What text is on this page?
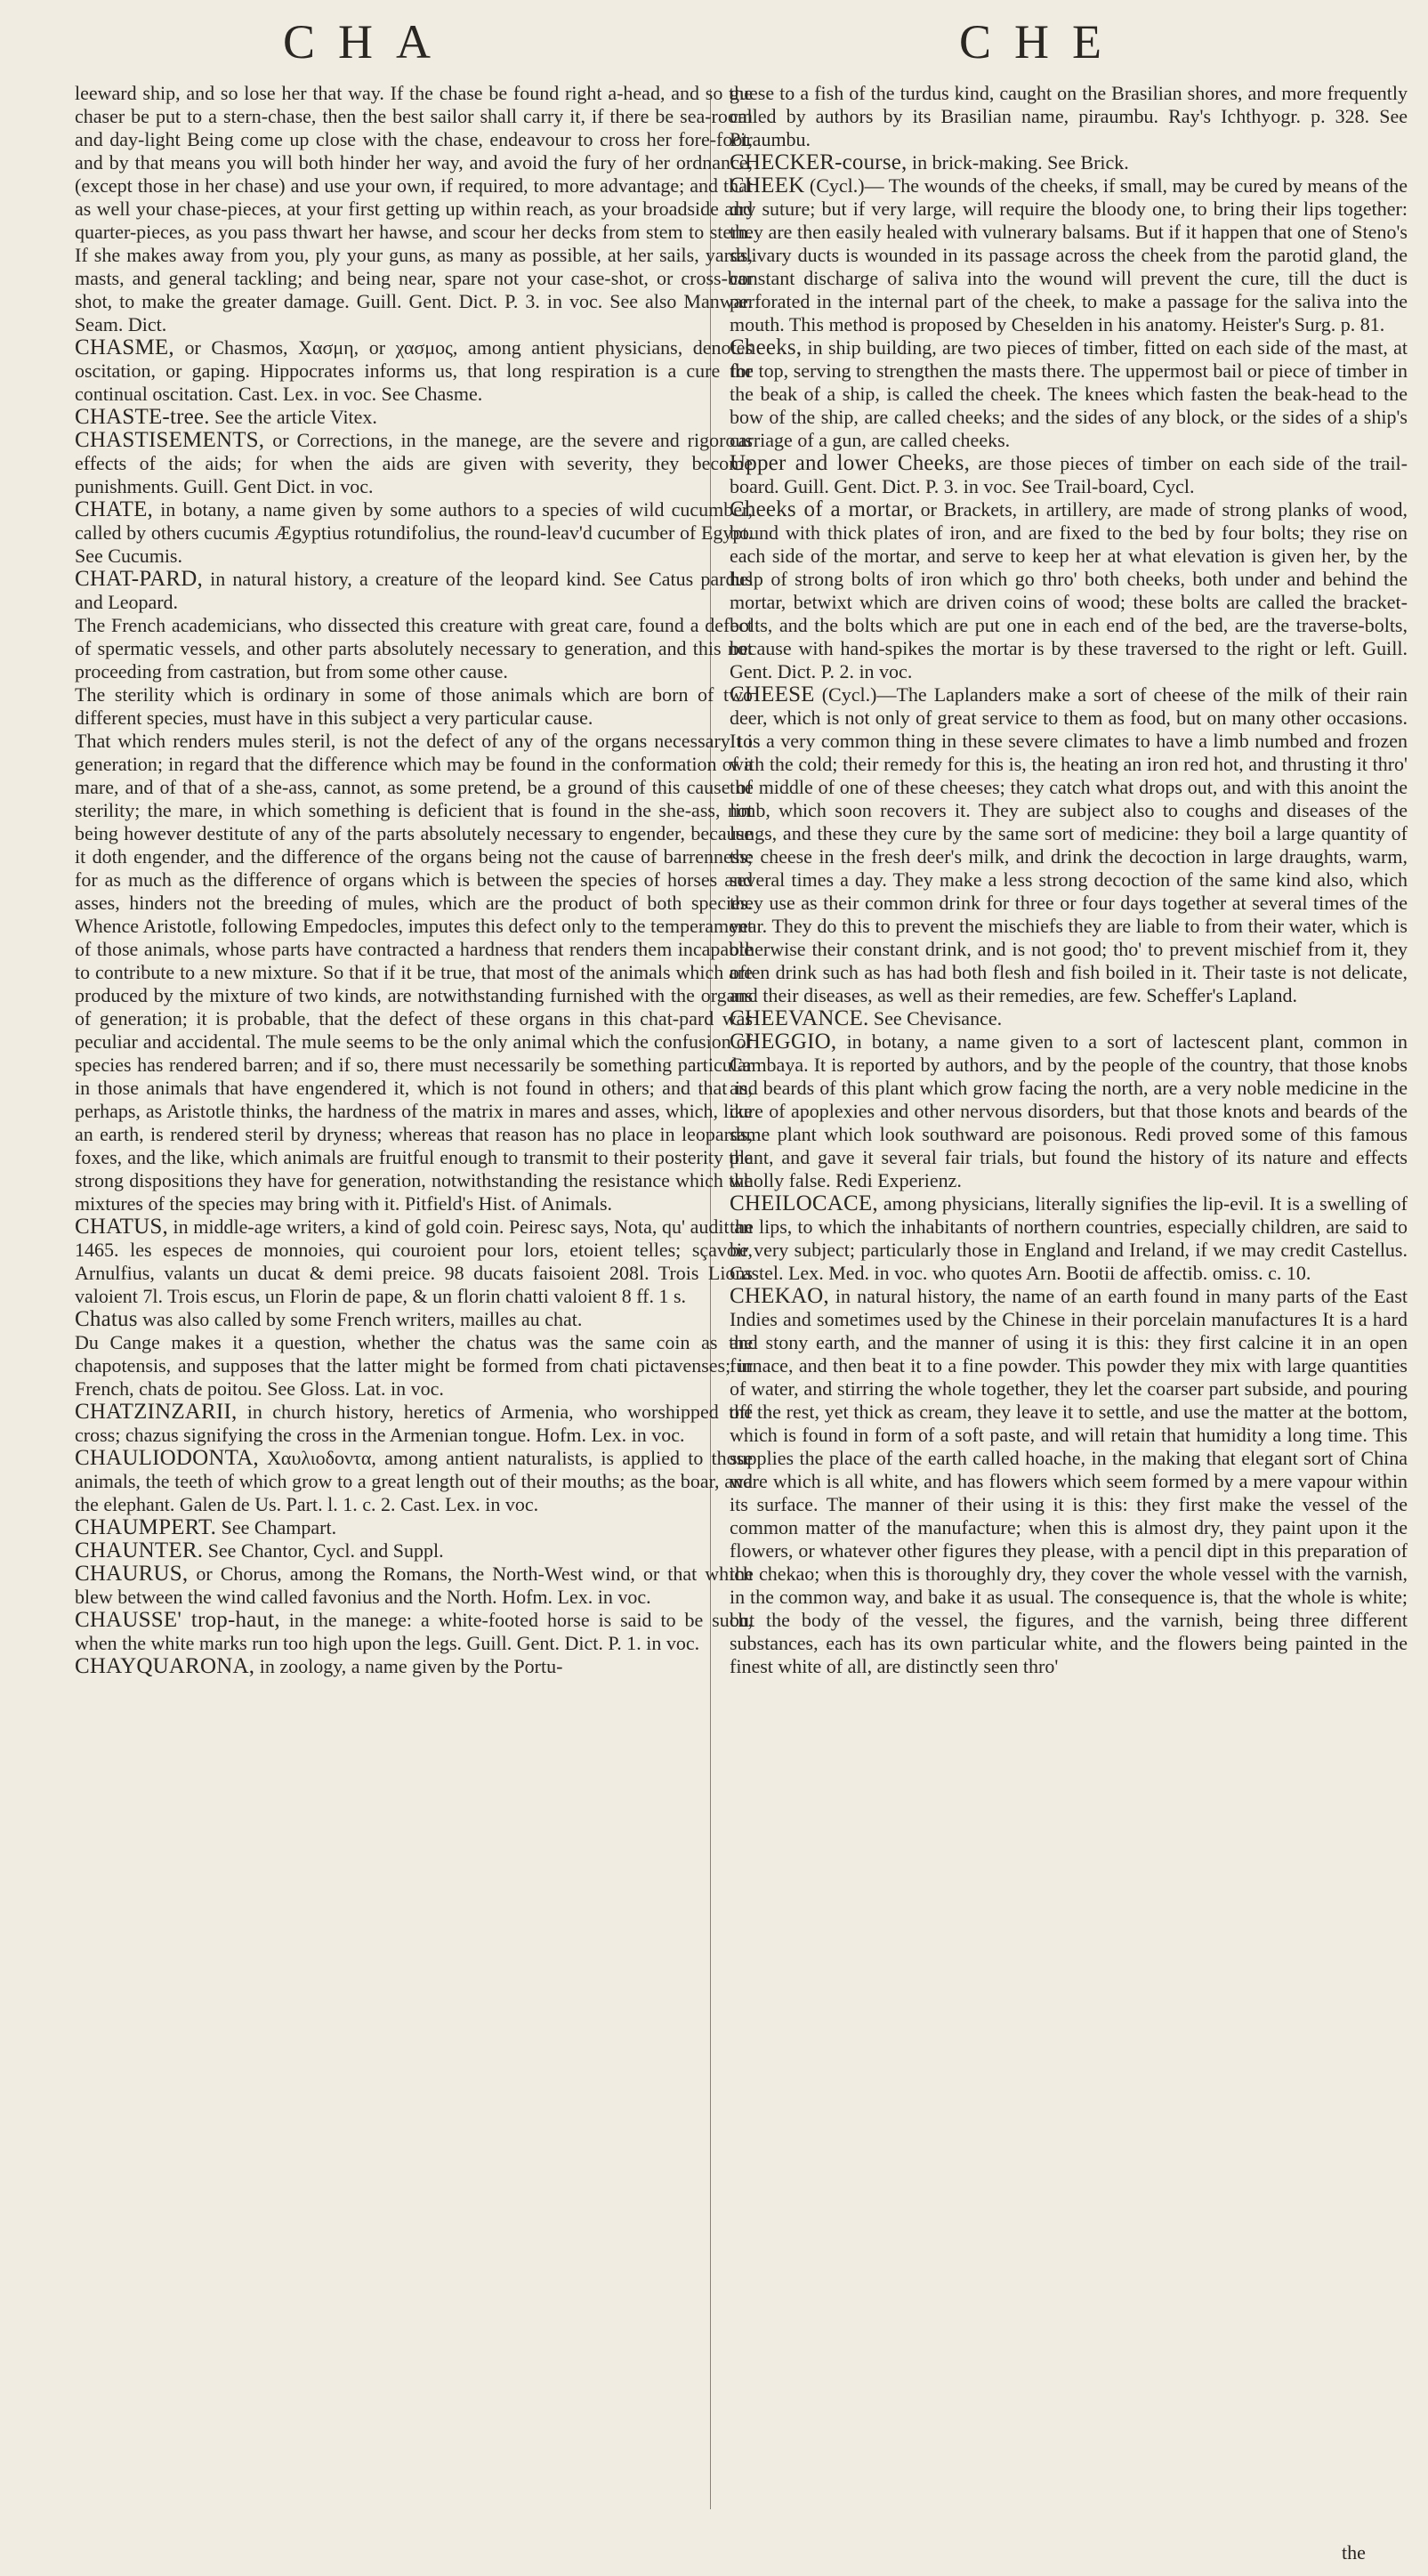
CHA	CHE

leeward ship, and so lose her that way. If the chase be found right a-head, and so the chaser be put to a stern-chase, then the best sailor shall carry it, if there be sea-room and day-light Being come up close with the chase, endeavour to cross her fore-foot, and by that means you will both hinder her way, and avoid the fury of her ordnance, (except those in her chase) and use your own, if required, to more advantage; and that as well your chase-pieces, at your first getting up within reach, as your broadside and quarter-pieces, as you pass thwart her hawse, and scour her decks from stem to stern. If she makes away from you, ply your guns, as many as possible, at her sails, yards, masts, and general tackling; and being near, spare not your case-shot, or cross-bar shot, to make the greater damage. Guill. Gent. Dict. P. 3. in voc. See also Manwar. Seam. Dict.

CHASME, or Chasmos, Χασμη, or χασμος, among antient physicians, denotes oscitation, or gaping. Hippocrates informs us, that long respiration is a cure for continual oscitation. Cast. Lex. in voc. See Chasme.

CHASTE-tree. See the article Vitex.

CHASTISEMENTS, or Corrections, in the manege, are the severe and rigorous effects of the aids; for when the aids are given with severity, they become punishments. Guill. Gent Dict. in voc.

CHATE, in botany, a name given by some authors to a species of wild cucumber, called by others cucumis Ægyptius rotundifolius, the round-leav'd cucumber of Egypt. See Cucumis.

CHAT-PARD, in natural history, a creature of the leopard kind. See Catus pardus and Leopard.
The French academicians, who dissected this creature with great care, found a defect of spermatic vessels, and other parts absolutely necessary to generation, and this not proceeding from castration, but from some other cause.
The sterility which is ordinary in some of those animals which are born of two different species, must have in this subject a very particular cause.
That which renders mules steril, is not the defect of any of the organs necessary to generation; in regard that the difference which may be found in the conformation of a mare, and of that of a she-ass, cannot, as some pretend, be a ground of this cause of sterility; the mare, in which something is deficient that is found in the she-ass, not being however destitute of any of the parts absolutely necessary to engender, because it doth engender, and the difference of the organs being not the cause of barrenness; for as much as the difference of organs which is between the species of horses and asses, hinders not the breeding of mules, which are the product of both species. Whence Aristotle, following Empedocles, imputes this defect only to the temperament of those animals, whose parts have contracted a hardness that renders them incapable to contribute to a new mixture. So that if it be true, that most of the animals which are produced by the mixture of two kinds, are notwithstanding furnished with the organs of generation; it is probable, that the defect of these organs in this chat-pard was peculiar and accidental. The mule seems to be the only animal which the confusion of species has rendered barren; and if so, there must necessarily be something particular in those animals that have engendered it, which is not found in others; and that is, perhaps, as Aristotle thinks, the hardness of the matrix in mares and asses, which, like an earth, is rendered steril by dryness; whereas that reason has no place in leopards, foxes, and the like, which animals are fruitful enough to transmit to their posterity the strong dispositions they have for generation, notwithstanding the resistance which the mixtures of the species may bring with it. Pitfield's Hist. of Animals.

CHATUS, in middle-age writers, a kind of gold coin. Peiresc says, Nota, qu' audit an 1465. les especes de monnoies, qui couroient pour lors, etoient telles; sçavoir, Arnulfius, valants un ducat & demi preice. 98 ducats faisoient 208l. Trois Lions valoient 7l. Trois escus, un Florin de pape, & un florin chatti valoient 8 ff. 1 s.

Chatus was also called by some French writers, mailles au chat.
Du Cange makes it a question, whether the chatus was the same coin as the chapotensis, and supposes that the latter might be formed from chati pictavenses; in French, chats de poitou. See Gloss. Lat. in voc.

CHATZINZARII, in church history, heretics of Armenia, who worshipped the cross; chazus signifying the cross in the Armenian tongue. Hofm. Lex. in voc.

CHAULIODONTA, Χαυλιοδοντα, among antient naturalists, is applied to those animals, the teeth of which grow to a great length out of their mouths; as the boar, and the elephant. Galen de Us. Part. l. 1. c. 2. Cast. Lex. in voc.

CHAUMPERT. See Champart.

CHAUNTER. See Chantor, Cycl. and Suppl.

CHAURUS, or Chorus, among the Romans, the North-West wind, or that which blew between the wind called favonius and the North. Hofm. Lex. in voc.

CHAUSSE' trop-haut, in the manege: a white-footed horse is said to be such, when the white marks run too high upon the legs. Guill. Gent. Dict. P. 1. in voc.

CHAYQUARONA, in zoology, a name given by the Portu-

guese to a fish of the turdus kind, caught on the Brasilian shores, and more frequently called by authors by its Brasilian name, piraumbu. Ray's Ichthyogr. p. 328. See Piraumbu.

CHECKER-course, in brick-making. See Brick.

CHEEK (Cycl.)— The wounds of the cheeks, if small, may be cured by means of the dry suture; but if very large, will require the bloody one, to bring their lips together: they are then easily healed with vulnerary balsams. But if it happen that one of Steno's salivary ducts is wounded in its passage across the cheek from the parotid gland, the constant discharge of saliva into the wound will prevent the cure, till the duct is perforated in the internal part of the cheek, to make a passage for the saliva into the mouth. This method is proposed by Cheselden in his anatomy. Heister's Surg. p. 81.

Cheeks, in ship building, are two pieces of timber, fitted on each side of the mast, at the top, serving to strengthen the masts there. The uppermost bail or piece of timber in the beak of a ship, is called the cheek. The knees which fasten the beak-head to the bow of the ship, are called cheeks; and the sides of any block, or the sides of a ship's carriage of a gun, are called cheeks.

Upper and lower Cheeks, are those pieces of timber on each side of the trail-board. Guill. Gent. Dict. P. 3. in voc. See Trail-board, Cycl.

Cheeks of a mortar, or Brackets, in artillery, are made of strong planks of wood, bound with thick plates of iron, and are fixed to the bed by four bolts; they rise on each side of the mortar, and serve to keep her at what elevation is given her, by the help of strong bolts of iron which go thro' both cheeks, both under and behind the mortar, betwixt which are driven coins of wood; these bolts are called the bracket-bolts, and the bolts which are put one in each end of the bed, are the traverse-bolts, because with hand-spikes the mortar is by these traversed to the right or left. Guill. Gent. Dict. P. 2. in voc.

CHEESE (Cycl.)—The Laplanders make a sort of cheese of the milk of their rain deer, which is not only of great service to them as food, but on many other occasions. It is a very common thing in these severe climates to have a limb numbed and frozen with the cold; their remedy for this is, the heating an iron red hot, and thrusting it thro' the middle of one of these cheeses; they catch what drops out, and with this anoint the limb, which soon recovers it. They are subject also to coughs and diseases of the lungs, and these they cure by the same sort of medicine: they boil a large quantity of the cheese in the fresh deer's milk, and drink the decoction in large draughts, warm, several times a day. They make a less strong decoction of the same kind also, which they use as their common drink for three or four days together at several times of the year. They do this to prevent the mischiefs they are liable to from their water, which is otherwise their constant drink, and is not good; tho' to prevent mischief from it, they often drink such as has had both flesh and fish boiled in it. Their taste is not delicate, and their diseases, as well as their remedies, are few. Scheffer's Lapland.

CHEEVANCE. See Chevisance.

CHEGGIO, in botany, a name given to a sort of lactescent plant, common in Cambaya. It is reported by authors, and by the people of the country, that those knobs and beards of this plant which grow facing the north, are a very noble medicine in the cure of apoplexies and other nervous disorders, but that those knots and beards of the same plant which look southward are poisonous. Redi proved some of this famous plant, and gave it several fair trials, but found the history of its nature and effects wholly false. Redi Experienz.

CHEILOCACE, among physicians, literally signifies the lip-evil. It is a swelling of the lips, to which the inhabitants of northern countries, especially children, are said to be very subject; particularly those in England and Ireland, if we may credit Castellus. Castel. Lex. Med. in voc. who quotes Arn. Bootii de affectib. omiss. c. 10.

CHEKAO, in natural history, the name of an earth found in many parts of the East Indies and sometimes used by the Chinese in their porcelain manufactures It is a hard and stony earth, and the manner of using it is this: they first calcine it in an open furnace, and then beat it to a fine powder. This powder they mix with large quantities of water, and stirring the whole together, they let the coarser part subside, and pouring off the rest, yet thick as cream, they leave it to settle, and use the matter at the bottom, which is found in form of a soft paste, and will retain that humidity a long time. This supplies the place of the earth called hoache, in the making that elegant sort of China ware which is all white, and has flowers which seem formed by a mere vapour within its surface. The manner of their using it is this: they first make the vessel of the common matter of the manufacture; when this is almost dry, they paint upon it the flowers, or whatever other figures they please, with a pencil dipt in this preparation of the chekao; when this is thoroughly dry, they cover the whole vessel with the varnish, in the common way, and bake it as usual. The consequence is, that the whole is white; but the body of the vessel, the figures, and the varnish, being three different substances, each has its own particular white, and the flowers being painted in the finest white of all, are distinctly seen thro'

the
